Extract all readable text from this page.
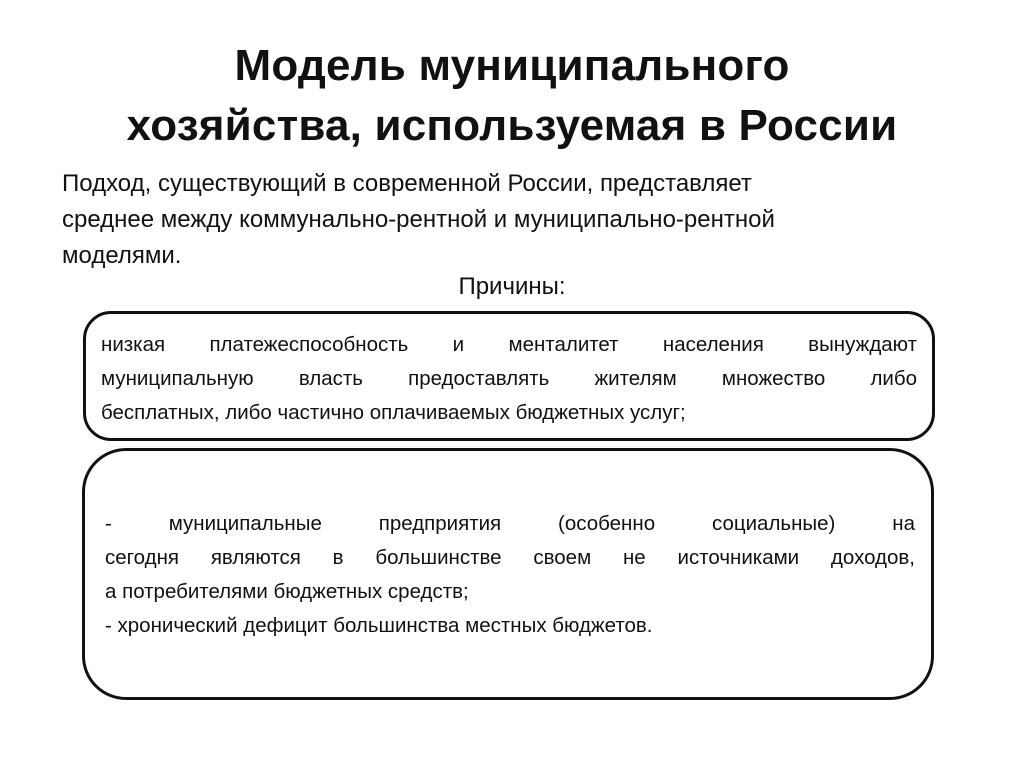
Модель муниципального
хозяйства, используемая в России
Подход, существующий в современной России, представляет
среднее между коммунально-рентной и муниципально-рентной
моделями.
Причины:
низкая платежеспособность и менталитет населения вынуждают
муниципальную власть предоставлять жителям множество либо
бесплатных, либо частично оплачиваемых бюджетных услуг;
- муниципальные предприятия (особенно социальные) на
сегодня являются в большинстве своем не источниками доходов,
а потребителями бюджетных средств;
- хронический дефицит большинства местных бюджетов.
